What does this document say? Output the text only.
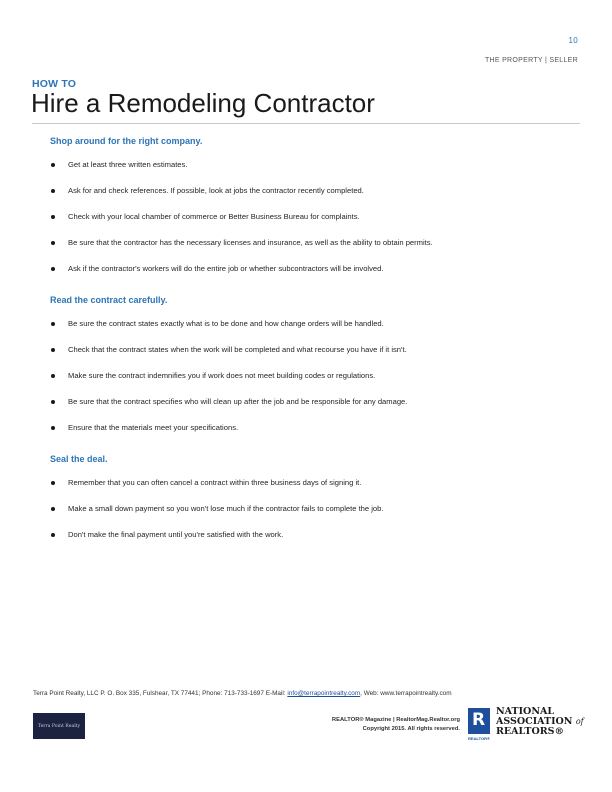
10
THE PROPERTY | SELLER
HOW TO
Hire a Remodeling Contractor
Shop around for the right company.
Get at least three written estimates.
Ask for and check references. If possible, look at jobs the contractor recently completed.
Check with your local chamber of commerce or Better Business Bureau for complaints.
Be sure that the contractor has the necessary licenses and insurance, as well as the ability to obtain permits.
Ask if the contractor's workers will do the entire job or whether subcontractors will be involved.
Read the contract carefully.
Be sure the contract states exactly what is to be done and how change orders will be handled.
Check that the contract states when the work will be completed and what recourse you have if it isn't.
Make sure the contract indemnifies you if work does not meet building codes or regulations.
Be sure that the contract specifies who will clean up after the job and be responsible for any damage.
Ensure that the materials meet your specifications.
Seal the deal.
Remember that you can often cancel a contract within three business days of signing it.
Make a small down payment so you won't lose much if the contractor fails to complete the job.
Don't make the final payment until you're satisfied with the work.
Terra Point Realty, LLC P. O. Box 335, Fulshear, TX 77441; Phone: 713-733-1697 E-Mail: info@terrapointrealty.com, Web: www.terrapointrealty.com
Terra Point Realty
REALTOR® Magazine | RealtorMag.Realtor.org
Copyright 2015. All rights reserved. R
REALTOR®
NATIONAL
ASSOCIATION of
REALTORS®
